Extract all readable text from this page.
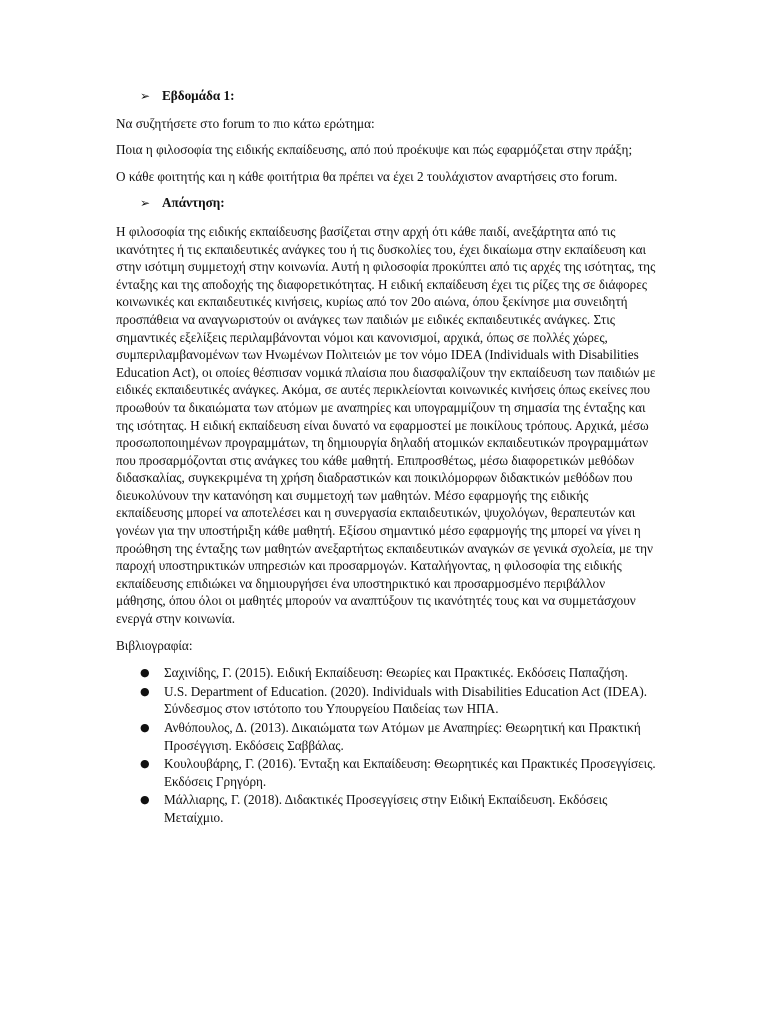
➢ Εβδομάδα 1:

Να συζητήσετε στο forum το πιο κάτω ερώτημα:

Ποια η φιλοσοφία της ειδικής εκπαίδευσης, από πού προέκυψε και πώς εφαρμόζεται στην πράξη;

Ο κάθε φοιτητής και η κάθε φοιτήτρια θα πρέπει να έχει 2 τουλάχιστον αναρτήσεις στο forum.

➢ Απάντηση:

Η φιλοσοφία της ειδικής εκπαίδευσης βασίζεται στην αρχή ότι κάθε παιδί, ανεξάρτητα από τις ικανότητες ή τις εκπαιδευτικές ανάγκες του ή τις δυσκολίες του, έχει δικαίωμα στην εκπαίδευση και στην ισότιμη συμμετοχή στην κοινωνία. Αυτή η φιλοσοφία προκύπτει από τις αρχές της ισότητας, της ένταξης και της αποδοχής της διαφορετικότητας. Η ειδική εκπαίδευση έχει τις ρίζες της σε διάφορες κοινωνικές και εκπαιδευτικές κινήσεις, κυρίως από τον 20ο αιώνα, όπου ξεκίνησε μια συνειδητή προσπάθεια να αναγνωριστούν οι ανάγκες των παιδιών με ειδικές εκπαιδευτικές ανάγκες. Στις σημαντικές εξελίξεις περιλαμβάνονται νόμοι και κανονισμοί, αρχικά, όπως σε πολλές χώρες, συμπεριλαμβανομένων των Ηνωμένων Πολιτειών με τον νόμο IDEA (Individuals with Disabilities Education Act), οι οποίες θέσπισαν νομικά πλαίσια που διασφαλίζουν την εκπαίδευση των παιδιών με ειδικές εκπαιδευτικές ανάγκες. Ακόμα, σε αυτές περικλείονται κοινωνικές κινήσεις όπως εκείνες που προωθούν τα δικαιώματα των ατόμων με αναπηρίες και υπογραμμίζουν τη σημασία της ένταξης και της ισότητας. Η ειδική εκπαίδευση είναι δυνατό να εφαρμοστεί με ποικίλους τρόπους. Αρχικά, μέσω προσωποποιημένων προγραμμάτων, τη δημιουργία δηλαδή ατομικών εκπαιδευτικών προγραμμάτων που προσαρμόζονται στις ανάγκες του κάθε μαθητή. Επιπροσθέτως, μέσω διαφορετικών μεθόδων διδασκαλίας, συγκεκριμένα τη χρήση διαδραστικών και ποικιλόμορφων διδακτικών μεθόδων που διευκολύνουν την κατανόηση και συμμετοχή των μαθητών. Μέσο εφαρμογής της ειδικής εκπαίδευσης μπορεί να αποτελέσει και η συνεργασία εκπαιδευτικών, ψυχολόγων, θεραπευτών και γονέων για την υποστήριξη κάθε μαθητή. Εξίσου σημαντικό μέσο εφαρμογής της μπορεί να γίνει η προώθηση της ένταξης των μαθητών ανεξαρτήτως εκπαιδευτικών αναγκών σε γενικά σχολεία, με την παροχή υποστηρικτικών υπηρεσιών και προσαρμογών. Καταλήγοντας, η φιλοσοφία της ειδικής εκπαίδευσης επιδιώκει να δημιουργήσει ένα υποστηρικτικό και προσαρμοσμένο περιβάλλον μάθησης, όπου όλοι οι μαθητές μπορούν να αναπτύξουν τις ικανότητές τους και να συμμετάσχουν ενεργά στην κοινωνία.

Βιβλιογραφία:

● Σαχινίδης, Γ. (2015). Ειδική Εκπαίδευση: Θεωρίες και Πρακτικές. Εκδόσεις Παπαζήση.
● U.S. Department of Education. (2020). Individuals with Disabilities Education Act (IDEA). Σύνδεσμος στον ιστότοπο του Υπουργείου Παιδείας των ΗΠΑ.
● Ανθόπουλος, Δ. (2013). Δικαιώματα των Ατόμων με Αναπηρίες: Θεωρητική και Πρακτική Προσέγγιση. Εκδόσεις Σαββάλας.
● Κουλουβάρης, Γ. (2016). Ένταξη και Εκπαίδευση: Θεωρητικές και Πρακτικές Προσεγγίσεις. Εκδόσεις Γρηγόρη.
● Μάλλιαρης, Γ. (2018). Διδακτικές Προσεγγίσεις στην Ειδική Εκπαίδευση. Εκδόσεις Μεταίχμιο.
